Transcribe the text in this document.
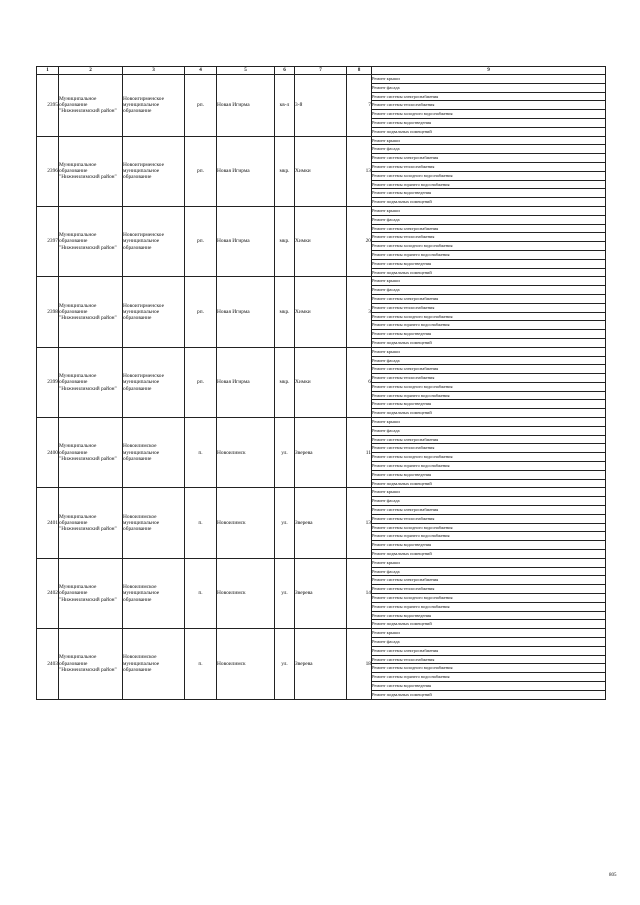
1	2	3	4	5	6	7	8	9
2395	Муниципальное образование "Нижнеилимский район"	Новоигирменское муниципальное образование	рп.	Новая Игирма	кв-л	3-й	7	Ремонт крыши
								Ремонт фасада
								Ремонт системы электроснабжения
								Ремонт системы теплоснабжения
								Ремонт системы холодного водоснабжения
								Ремонт системы водоотведения
								Ремонт подвальных помещений
2396	Муниципальное образование "Нижнеилимский район"	Новоигирменское муниципальное образование	рп.	Новая Игирма	мкр.	Химки	13	Ремонт крыши
								Ремонт фасада
								Ремонт системы электроснабжения
								Ремонт системы теплоснабжения
								Ремонт системы холодного водоснабжения
								Ремонт системы горячего водоснабжения
								Ремонт системы водоотведения
								Ремонт подвальных помещений
2397	Муниципальное образование "Нижнеилимский район"	Новоигирменское муниципальное образование	рп.	Новая Игирма	мкр.	Химки	20	Ремонт крыши
								Ремонт фасада
								Ремонт системы электроснабжения
								Ремонт системы теплоснабжения
								Ремонт системы холодного водоснабжения
								Ремонт системы горячего водоснабжения
								Ремонт системы водоотведения
								Ремонт подвальных помещений
2398	Муниципальное образование "Нижнеилимский район"	Новоигирменское муниципальное образование	рп.	Новая Игирма	мкр.	Химки	3	Ремонт крыши
								Ремонт фасада
								Ремонт системы электроснабжения
								Ремонт системы теплоснабжения
								Ремонт системы холодного водоснабжения
								Ремонт системы горячего водоснабжения
								Ремонт системы водоотведения
								Ремонт подвальных помещений
2399	Муниципальное образование "Нижнеилимский район"	Новоигирменское муниципальное образование	рп.	Новая Игирма	мкр.	Химки	6	Ремонт крыши
								Ремонт фасада
								Ремонт системы электроснабжения
								Ремонт системы теплоснабжения
								Ремонт системы холодного водоснабжения
								Ремонт системы горячего водоснабжения
								Ремонт системы водоотведения
								Ремонт подвальных помещений
2400	Муниципальное образование "Нижнеилимский район"	Новоилимское муниципальное образование	п.	Новоилимск	ул.	Зверева	11	Ремонт крыши
								Ремонт фасада
								Ремонт системы электроснабжения
								Ремонт системы теплоснабжения
								Ремонт системы холодного водоснабжения
								Ремонт системы горячего водоснабжения
								Ремонт системы водоотведения
								Ремонт подвальных помещений
2401	Муниципальное образование "Нижнеилимский район"	Новоилимское муниципальное образование	п.	Новоилимск	ул.	Зверева	13	Ремонт крыши
								Ремонт фасада
								Ремонт системы электроснабжения
								Ремонт системы теплоснабжения
								Ремонт системы холодного водоснабжения
								Ремонт системы горячего водоснабжения
								Ремонт системы водоотведения
								Ремонт подвальных помещений
2402	Муниципальное образование "Нижнеилимский район"	Новоилимское муниципальное образование	п.	Новоилимск	ул.	Зверева	14	Ремонт крыши
								Ремонт фасада
								Ремонт системы электроснабжения
								Ремонт системы теплоснабжения
								Ремонт системы холодного водоснабжения
								Ремонт системы горячего водоснабжения
								Ремонт системы водоотведения
								Ремонт подвальных помещений
2403	Муниципальное образование "Нижнеилимский район"	Новоилимское муниципальное образование	п.	Новоилимск	ул.	Зверева	18	Ремонт крыши
								Ремонт фасада
								Ремонт системы электроснабжения
								Ремонт системы теплоснабжения
								Ремонт системы холодного водоснабжения
								Ремонт системы горячего водоснабжения
								Ремонт системы водоотведения
								Ремонт подвальных помещений
805
